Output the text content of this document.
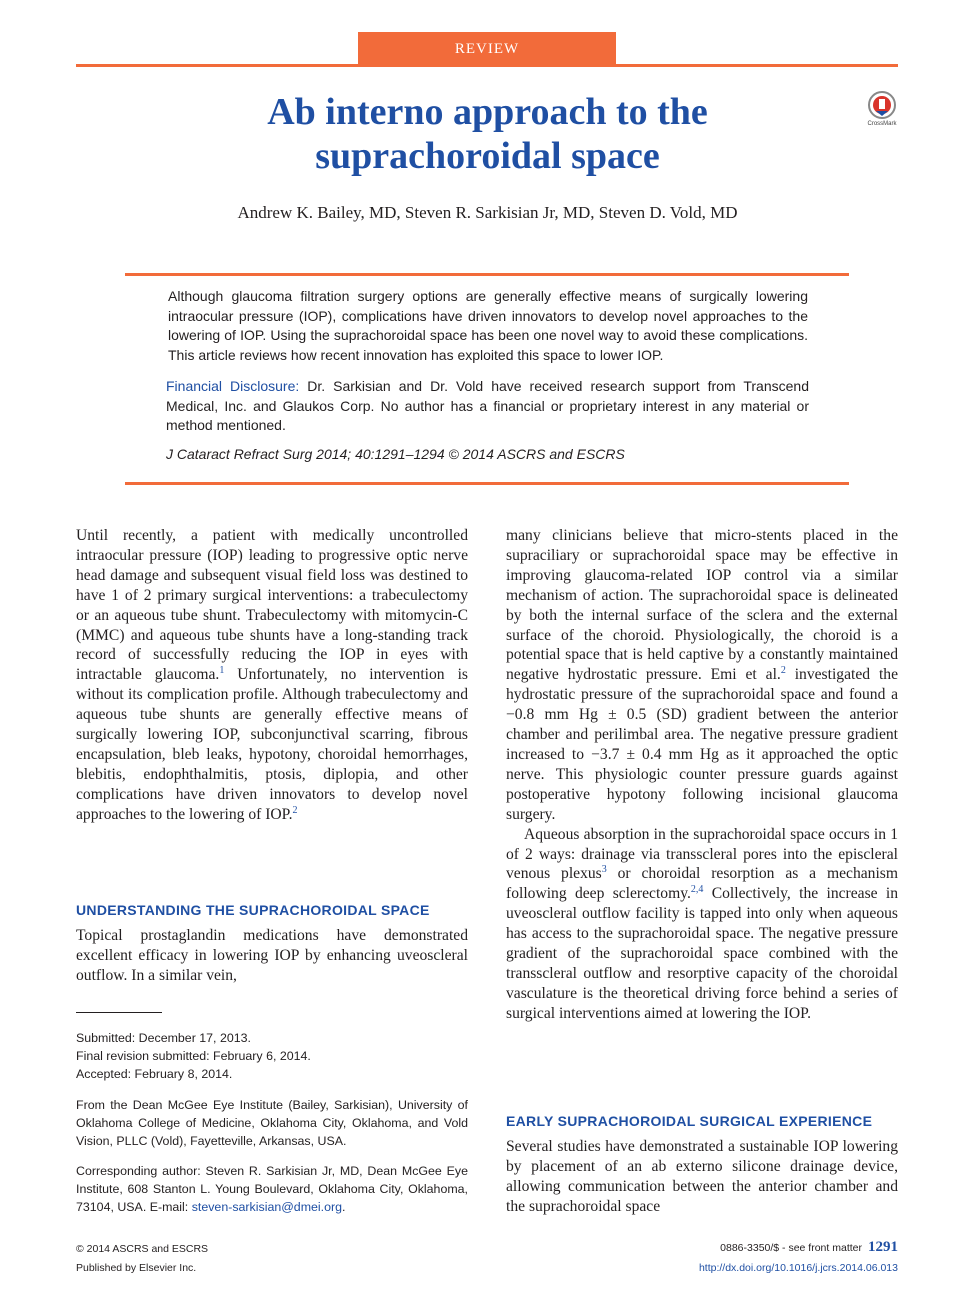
REVIEW
Ab interno approach to the
suprachoroidal space
CrossMark
Andrew K. Bailey, MD, Steven R. Sarkisian Jr, MD, Steven D. Vold, MD
Although glaucoma filtration surgery options are generally effective means of surgically lowering intraocular pressure (IOP), complications have driven innovators to develop novel approaches to the lowering of IOP. Using the suprachoroidal space has been one novel way to avoid these complications. This article reviews how recent innovation has exploited this space to lower IOP.
Financial Disclosure: Dr. Sarkisian and Dr. Vold have received research support from Transcend Medical, Inc. and Glaukos Corp. No author has a financial or proprietary interest in any material or method mentioned.
J Cataract Refract Surg 2014; 40:1291–1294 © 2014 ASCRS and ESCRS

Until recently, a patient with medically uncontrolled intraocular pressure (IOP) leading to progressive optic nerve head damage and subsequent visual field loss was destined to have 1 of 2 primary surgical interventions: a trabeculectomy or an aqueous tube shunt. Trabeculectomy with mitomycin-C (MMC) and aqueous tube shunts have a long-standing track record of successfully reducing the IOP in eyes with intractable glaucoma.$^1$ Unfortunately, no intervention is without its complication profile. Although trabeculectomy and aqueous tube shunts are generally effective means of surgically lowering IOP, subconjunctival scarring, fibrous encapsulation, bleb leaks, hypotony, choroidal hemorrhages, blebitis, endophthalmitis, ptosis, diplopia, and other complications have driven innovators to develop novel approaches to the lowering of IOP.$^2$

UNDERSTANDING THE SUPRACHOROIDAL SPACE

Topical prostaglandin medications have demonstrated excellent efficacy in lowering IOP by enhancing uveoscleral outflow. In a similar vein,

Submitted: December 17, 2013.

Final revision submitted: February 6, 2014.

Accepted: February 8, 2014.

From the Dean McGee Eye Institute (Bailey, Sarkisian), University of Oklahoma College of Medicine, Oklahoma City, Oklahoma, and Vold Vision, PLLC (Vold), Fayetteville, Arkansas, USA.
Corresponding author: Steven R. Sarkisian Jr, MD, Dean McGee Eye Institute, 608 Stanton L. Young Boulevard, Oklahoma City, Oklahoma, 73104, USA. E-mail: steven-sarkisian@dmei.org.

many clinicians believe that micro-stents placed in the supraciliary or suprachoroidal space may be effective in improving glaucoma-related IOP control via a similar mechanism of action. The suprachoroidal space is delineated by both the internal surface of the sclera and the external surface of the choroid. Physiologically, the choroid is a potential space that is held captive by a constantly maintained negative hydrostatic pressure. Emi et al.$^2$ investigated the hydrostatic pressure of the suprachoroidal space and found a −0.8 mm Hg ± 0.5 (SD) gradient between the anterior chamber and perilimbal area. The negative pressure gradient increased to −3.7 ± 0.4 mm Hg as it approached the optic nerve. This physiologic counter pressure guards against postoperative hypotony following incisional glaucoma surgery.

Aqueous absorption in the suprachoroidal space occurs in 1 of 2 ways: drainage via transscleral pores into the episcleral venous plexus$^3$ or choroidal resorption as a mechanism following deep sclerectomy.$^{2,4}$ Collectively, the increase in uveoscleral outflow facility is tapped into only when aqueous has access to the suprachoroidal space. The negative pressure gradient of the suprachoroidal space combined with the transscleral outflow and resorptive capacity of the choroidal vasculature is the theoretical driving force behind a series of surgical interventions aimed at lowering the IOP.

EARLY SUPRACHOROIDAL SURGICAL EXPERIENCE

Several studies have demonstrated a sustainable IOP lowering by placement of an ab externo silicone drainage device, allowing communication between the anterior chamber and the suprachoroidal space

© 2014 ASCRS and ESCRS
Published by Elsevier Inc.
0886-3350/$ - see front matter 1291
http://dx.doi.org/10.1016/j.jcrs.2014.06.013
